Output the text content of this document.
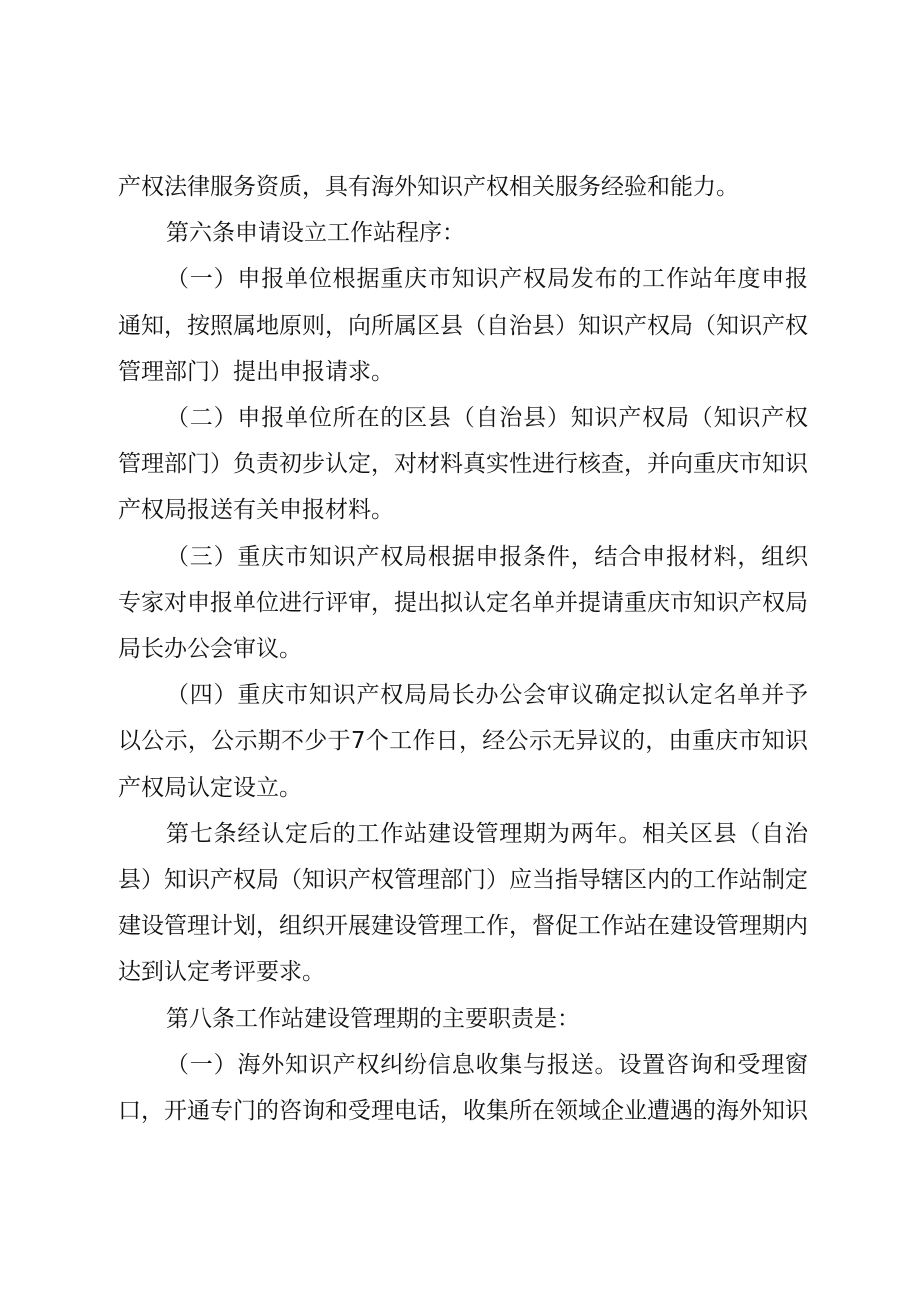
产权法律服务资质，具有海外知识产权相关服务经验和能力。

第六条申请设立工作站程序：

（一）申报单位根据重庆市知识产权局发布的工作站年度申报通知，按照属地原则，向所属区县（自治县）知识产权局（知识产权管理部门）提出申报请求。

（二）申报单位所在的区县（自治县）知识产权局（知识产权管理部门）负责初步认定，对材料真实性进行核查，并向重庆市知识产权局报送有关申报材料。

（三）重庆市知识产权局根据申报条件，结合申报材料，组织专家对申报单位进行评审，提出拟认定名单并提请重庆市知识产权局局长办公会审议。

（四）重庆市知识产权局局长办公会审议确定拟认定名单并予以公示，公示期不少于7个工作日，经公示无异议的，由重庆市知识产权局认定设立。

第七条经认定后的工作站建设管理期为两年。相关区县（自治县）知识产权局（知识产权管理部门）应当指导辖区内的工作站制定建设管理计划，组织开展建设管理工作，督促工作站在建设管理期内达到认定考评要求。

第八条工作站建设管理期的主要职责是：

（一）海外知识产权纠纷信息收集与报送。设置咨询和受理窗口，开通专门的咨询和受理电话，收集所在领域企业遭遇的海外知识
